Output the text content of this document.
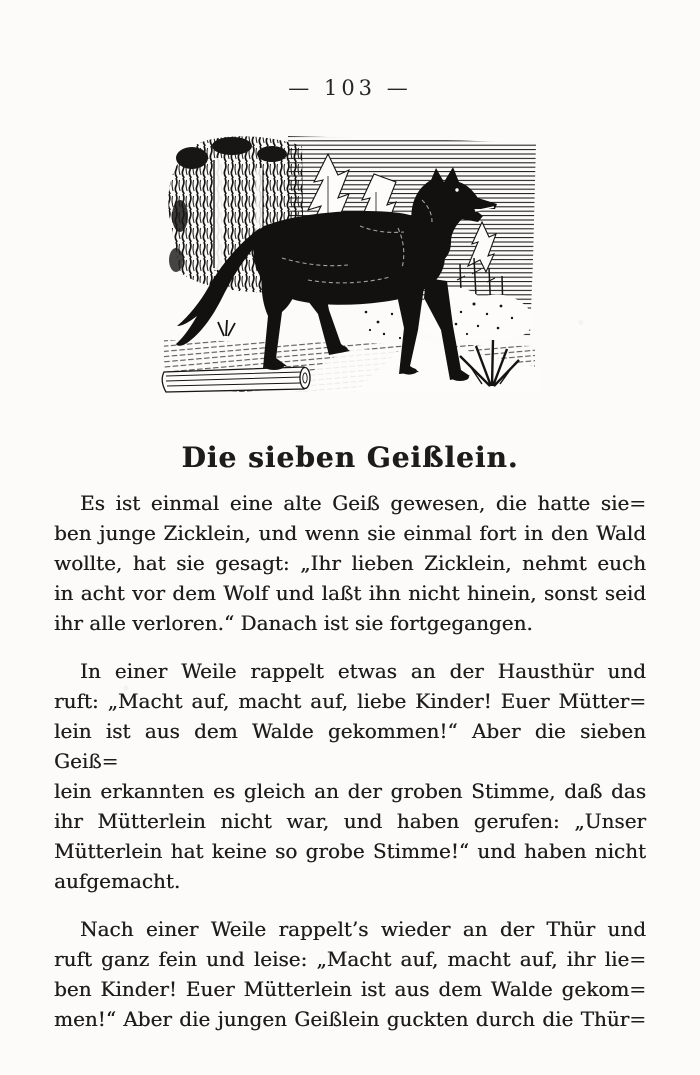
— 103 —
Die sieben Geißlein.

Es ist einmal eine alte Geiß gewesen, die hatte sie=
ben junge Zicklein, und wenn sie einmal fort in den Wald
wollte, hat sie gesagt: „Ihr lieben Zicklein, nehmt euch
in acht vor dem Wolf und laßt ihn nicht hinein, sonst seid
ihr alle verloren.“ Danach ist sie fortgegangen.

In einer Weile rappelt etwas an der Hausthür und
ruft: „Macht auf, macht auf, liebe Kinder! Euer Mütter=
lein ist aus dem Walde gekommen!“ Aber die sieben Geiß=
lein erkannten es gleich an der groben Stimme, daß das
ihr Mütterlein nicht war, und haben gerufen: „Unser
Mütterlein hat keine so grobe Stimme!“ und haben nicht
aufgemacht.

Nach einer Weile rappelt’s wieder an der Thür und
ruft ganz fein und leise: „Macht auf, macht auf, ihr lie=
ben Kinder! Euer Mütterlein ist aus dem Walde gekom=
men!“ Aber die jungen Geißlein guckten durch die Thür=
